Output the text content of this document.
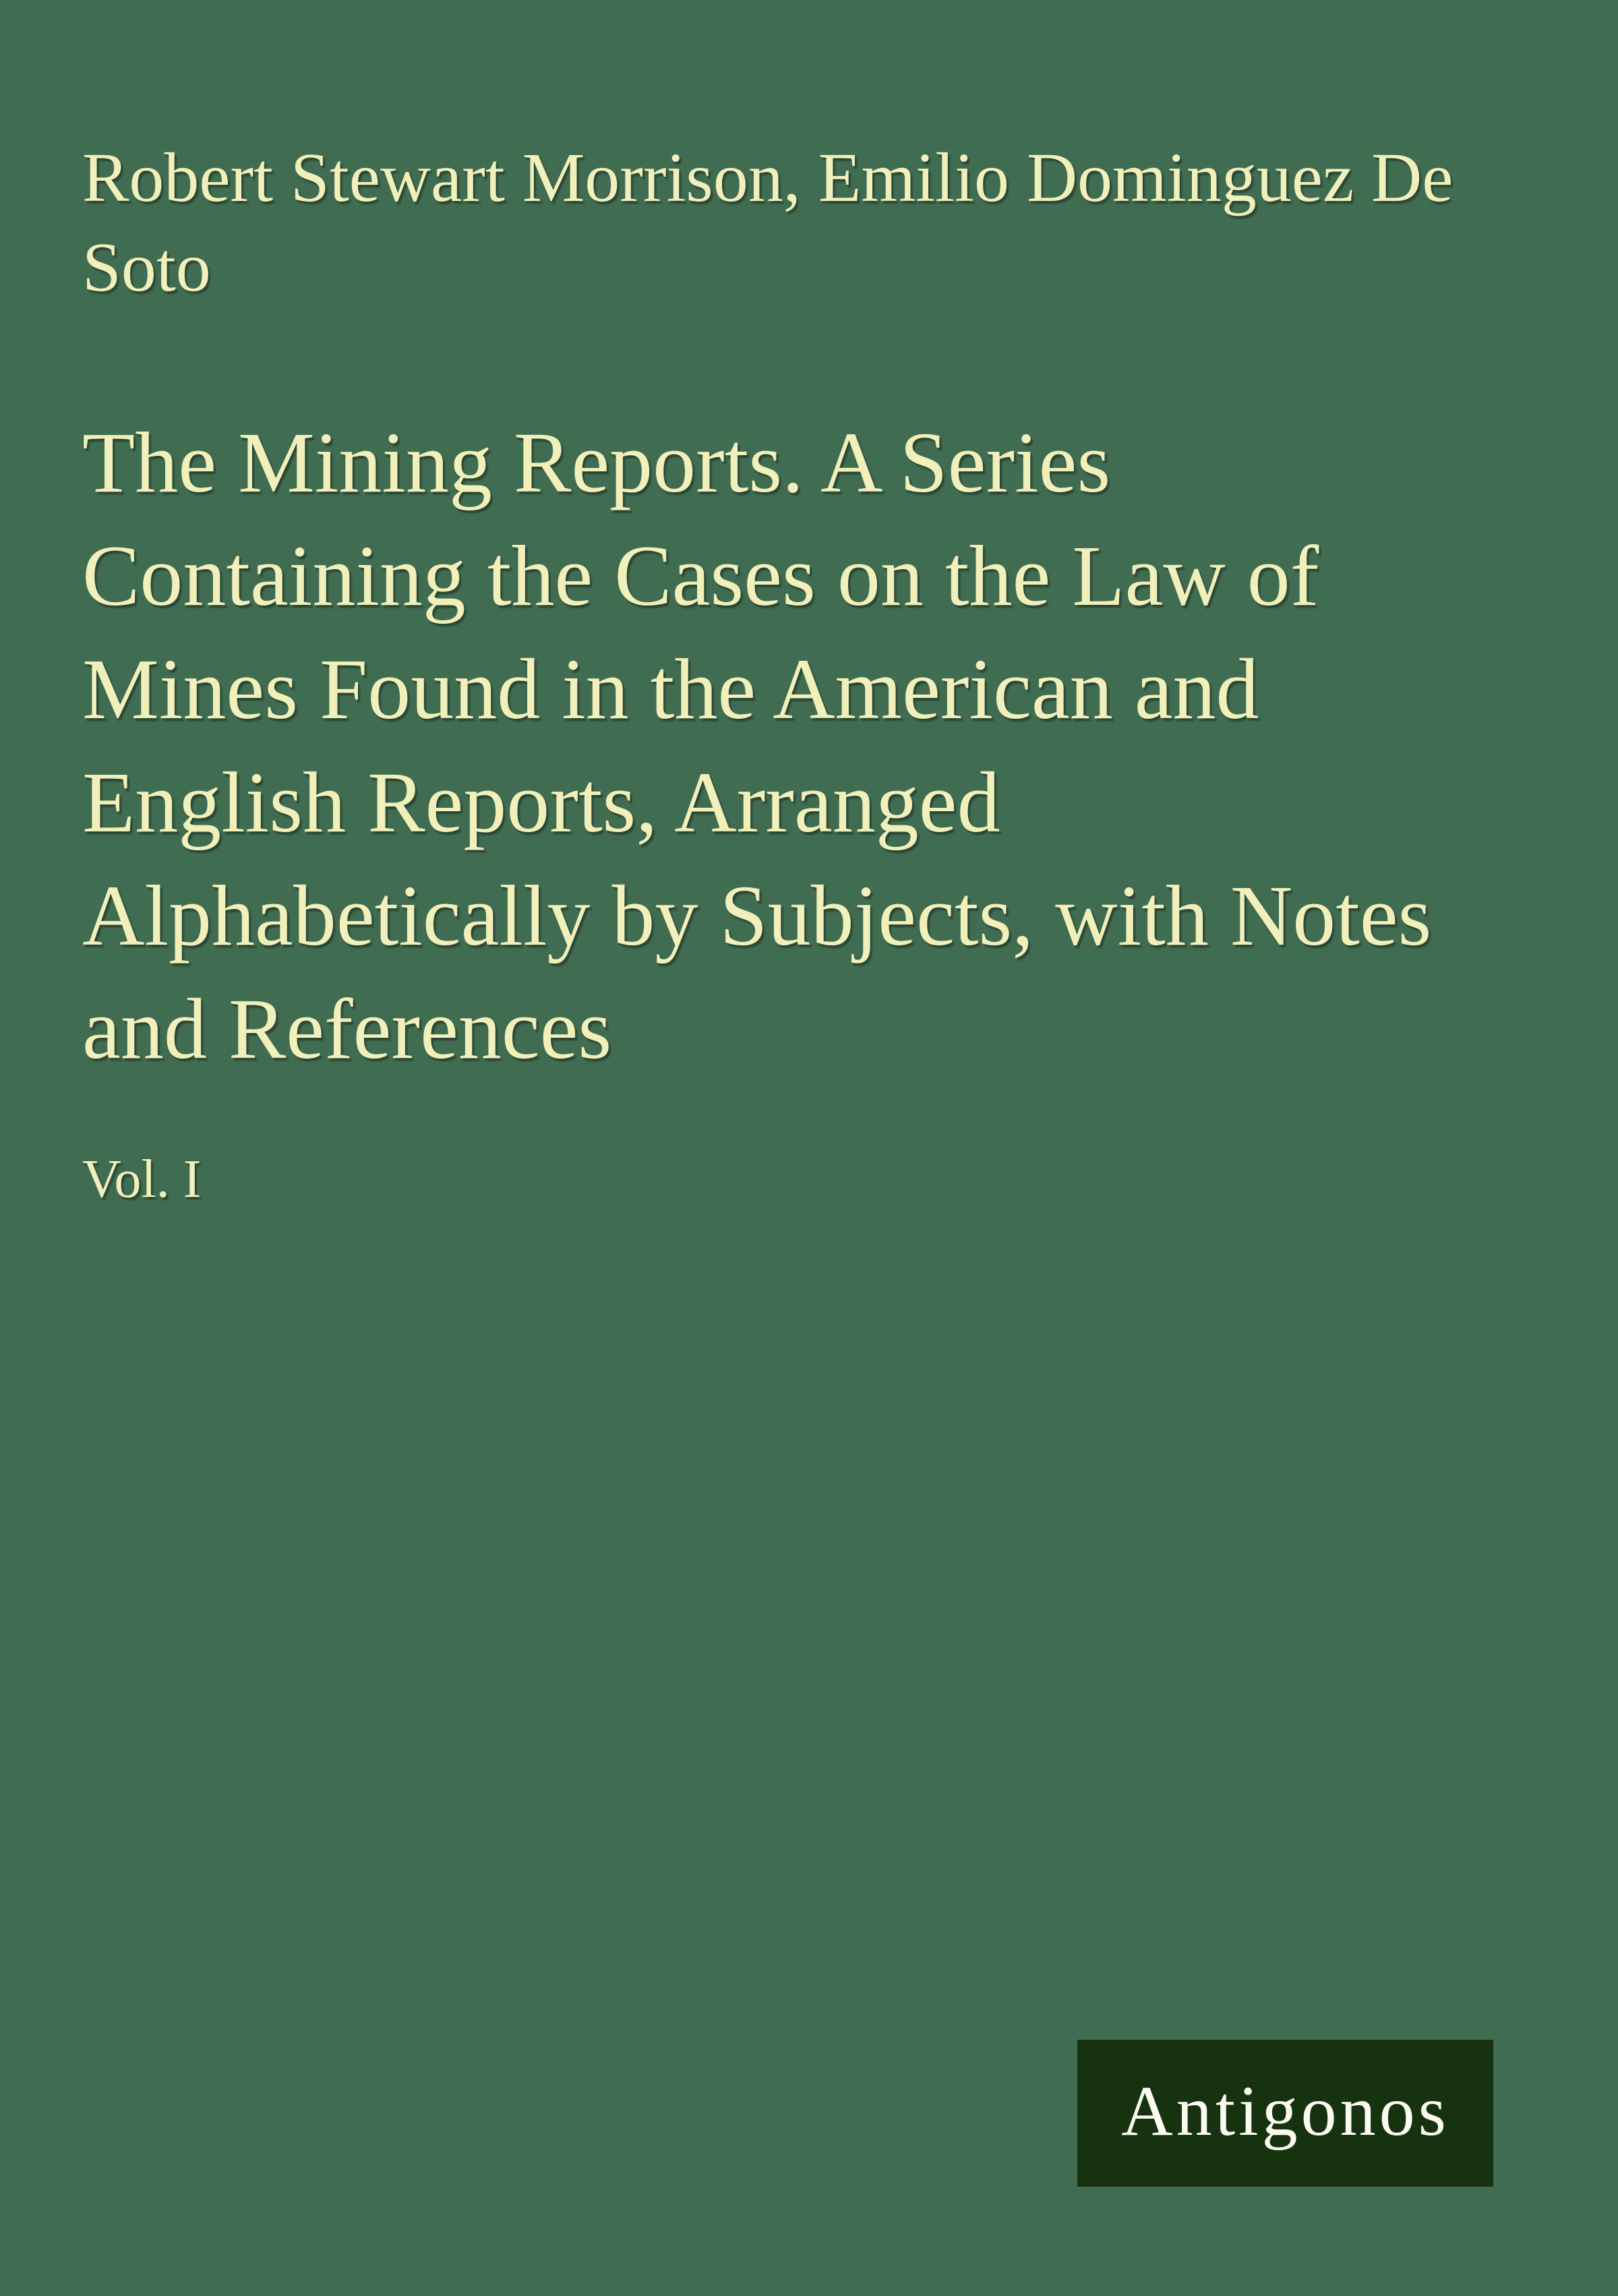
Robert Stewart Morrison, Emilio Dominguez De
Soto
The Mining Reports. A Series
Containing the Cases on the Law of
Mines Found in the American and
English Reports, Arranged
Alphabetically by Subjects, with Notes
and References
Vol. I
Antigonos
